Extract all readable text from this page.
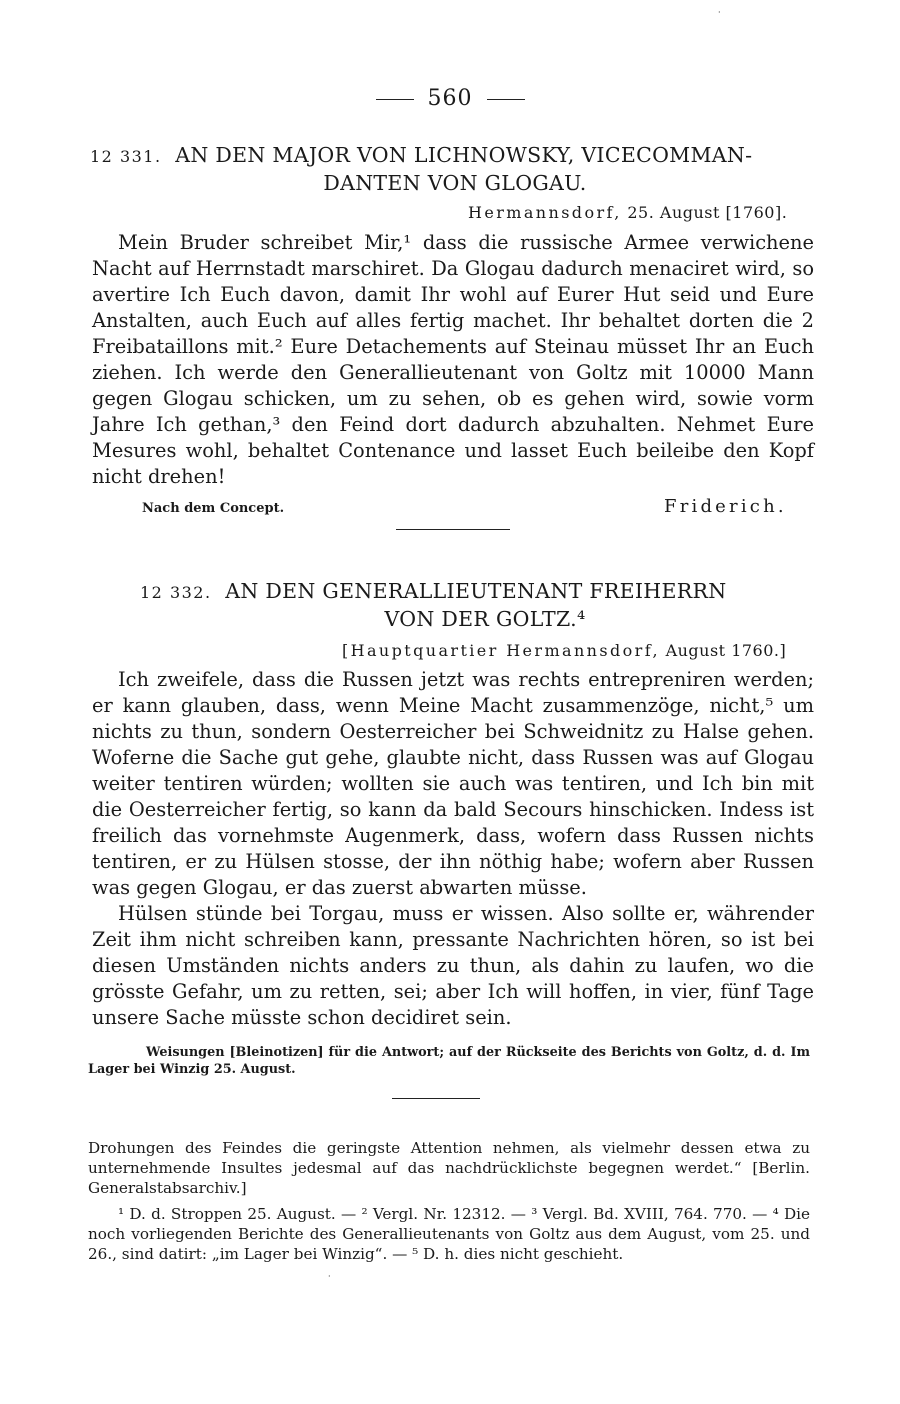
·
560
12 331. AN DEN MAJOR VON LICHNOWSKY, VICECOMMAN-
DANTEN VON GLOGAU.
Hermannsdorf, 25. August [1760].

Mein Bruder schreibet Mir,¹ dass die russische Armee verwichene Nacht auf Herrnstadt marschiret. Da Glogau dadurch menaciret wird, so avertire Ich Euch davon, damit Ihr wohl auf Eurer Hut seid und Eure Anstalten, auch Euch auf alles fertig machet. Ihr behaltet dorten die 2 Freibataillons mit.² Eure Detachements auf Steinau müsset Ihr an Euch ziehen. Ich werde den Generallieutenant von Goltz mit 10000 Mann gegen Glogau schicken, um zu sehen, ob es gehen wird, sowie vorm Jahre Ich gethan,³ den Feind dort dadurch abzuhalten. Nehmet Eure Mesures wohl, behaltet Contenance und lasset Euch beileibe den Kopf nicht drehen!

Nach dem Concept.	Friderich.
12 332. AN DEN GENERALLIEUTENANT FREIHERRN
VON DER GOLTZ.⁴
[Hauptquartier Hermannsdorf, August 1760.]

Ich zweifele, dass die Russen jetzt was rechts entrepreniren werden; er kann glauben, dass, wenn Meine Macht zusammenzöge, nicht,⁵ um nichts zu thun, sondern Oesterreicher bei Schweidnitz zu Halse gehen. Woferne die Sache gut gehe, glaubte nicht, dass Russen was auf Glogau weiter tentiren würden; wollten sie auch was tentiren, und Ich bin mit die Oesterreicher fertig, so kann da bald Secours hinschicken. Indess ist freilich das vornehmste Augenmerk, dass, wofern dass Russen nichts tentiren, er zu Hülsen stosse, der ihn nöthig habe; wofern aber Russen was gegen Glogau, er das zuerst abwarten müsse.

Hülsen stünde bei Torgau, muss er wissen. Also sollte er, währender Zeit ihm nicht schreiben kann, pressante Nachrichten hören, so ist bei diesen Umständen nichts anders zu thun, als dahin zu laufen, wo die grösste Gefahr, um zu retten, sei; aber Ich will hoffen, in vier, fünf Tage unsere Sache müsste schon decidiret sein.

Weisungen [Bleinotizen] für die Antwort; auf der Rückseite des Berichts von Goltz, d. d. Im Lager bei Winzig 25. August.

Drohungen des Feindes die geringste Attention nehmen, als vielmehr dessen etwa zu unternehmende Insultes jedesmal auf das nachdrücklichste begegnen werdet.“ [Berlin. Generalstabsarchiv.]

¹ D. d. Stroppen 25. August. — ² Vergl. Nr. 12312. — ³ Vergl. Bd. XVIII, 764. 770. — ⁴ Die noch vorliegenden Berichte des Generallieutenants von Goltz aus dem August, vom 25. und 26., sind datirt: „im Lager bei Winzig“. — ⁵ D. h. dies nicht geschieht.

·
